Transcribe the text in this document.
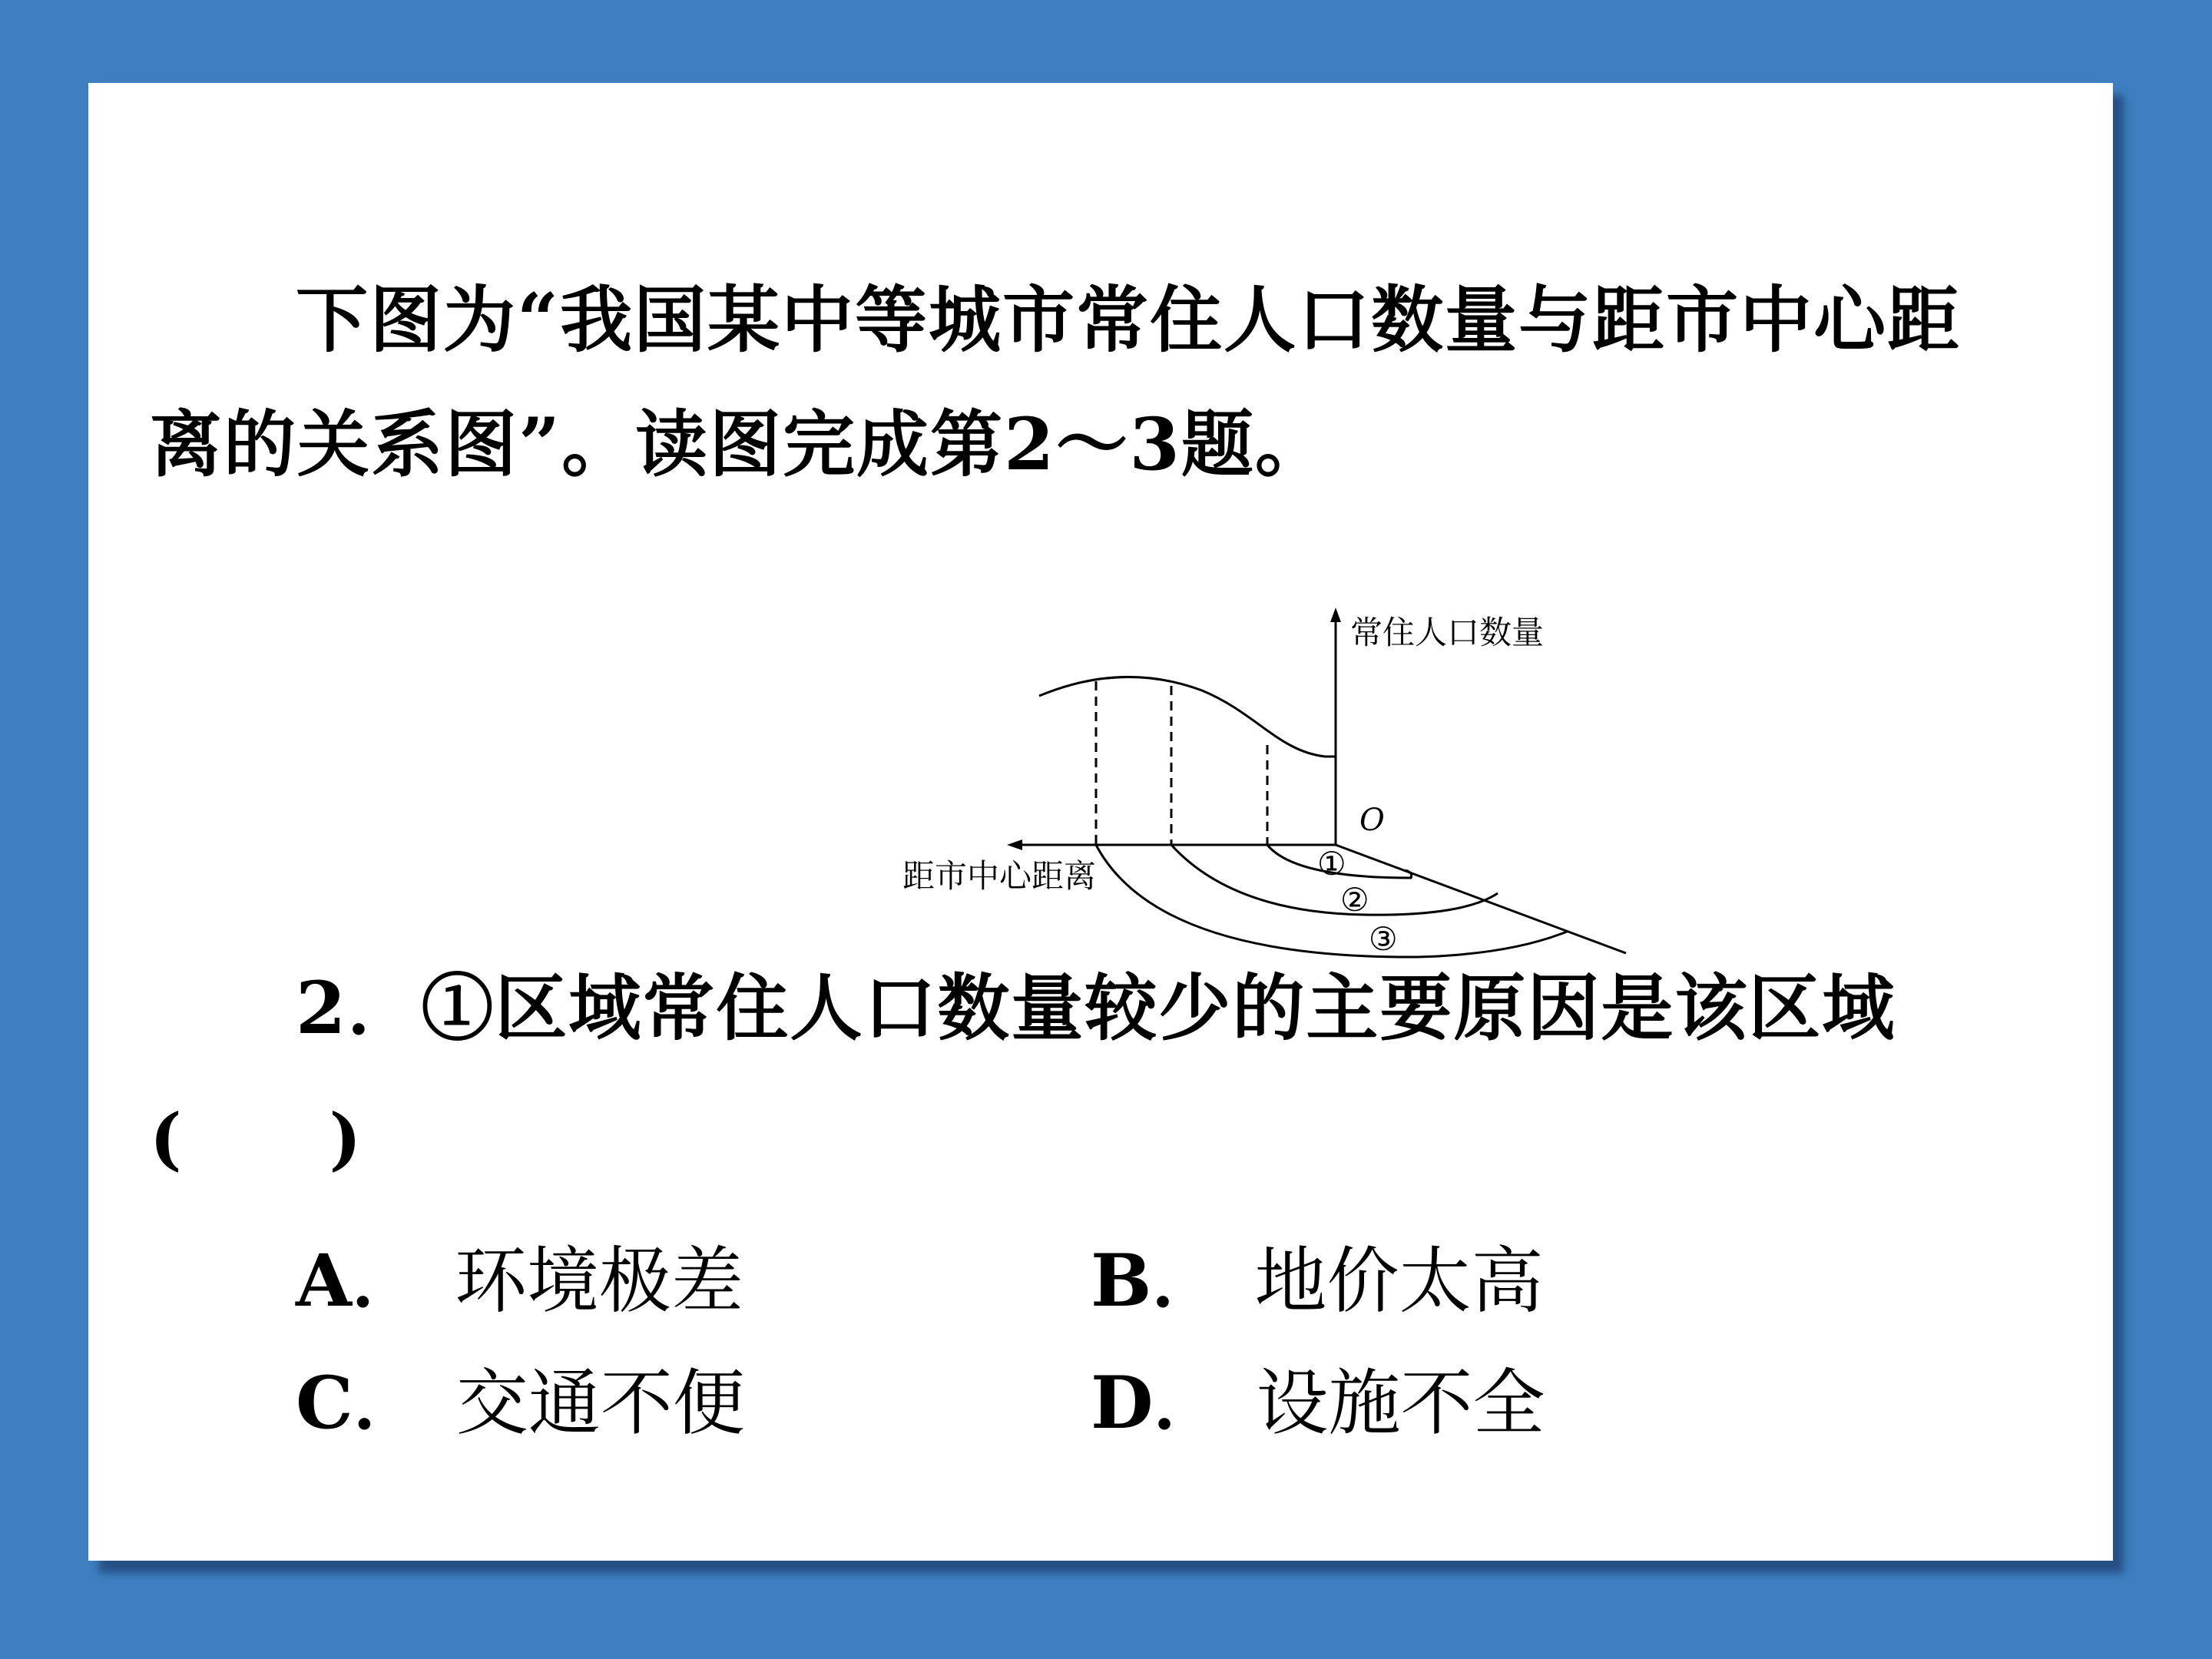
下图为“我国某中等城市常住人口数量与距市中心距
离的关系图”。读图完成第2～3题。
常住人口数量
距市中心距离
O
①
②
③
2．①区域常住人口数量较少的主要原因是该区域
( )
A． 环境极差	B． 地价太高
C． 交通不便	D． 设施不全
